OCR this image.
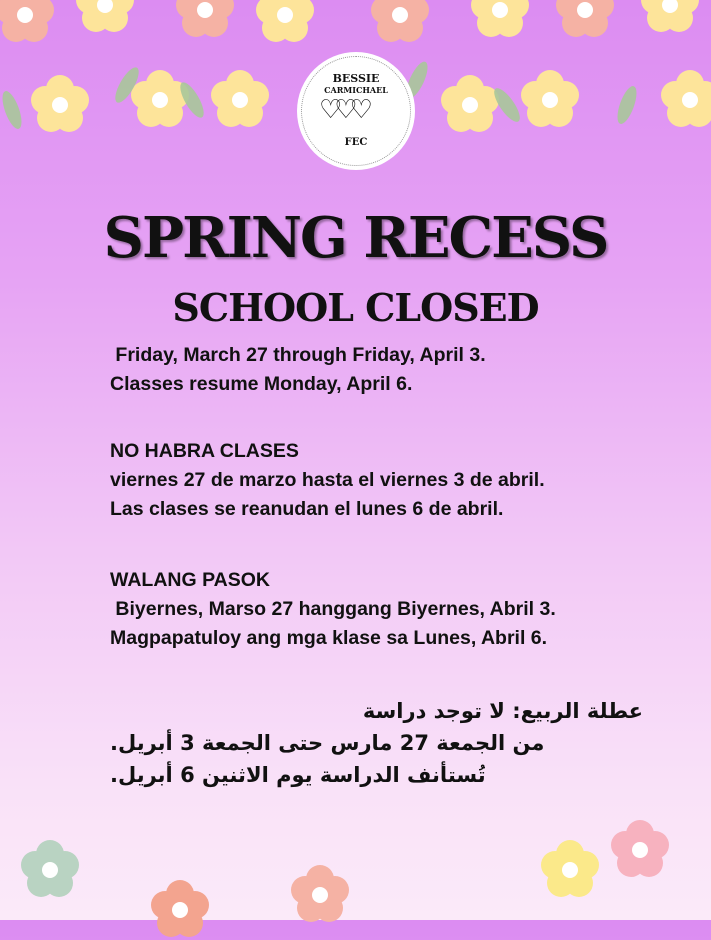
BESSIE
CARMICHAEL
♡♡♡
FEC
SPRING RECESS
SCHOOL CLOSED
Friday, March 27 through Friday, April 3.
Classes resume Monday, April 6.
NO HABRA CLASES
viernes 27 de marzo hasta el viernes 3 de abril.
Las clases se reanudan el lunes 6 de abril.
WALANG PASOK
Biyernes, Marso 27 hanggang Biyernes, Abril 3.
Magpapatuloy ang mga klase sa Lunes, Abril 6.
عطلة الربيع: لا توجد دراسة
من الجمعة 27 مارس حتى الجمعة 3 أبريل.
تُستأنف الدراسة يوم الاثنين 6 أبريل.
